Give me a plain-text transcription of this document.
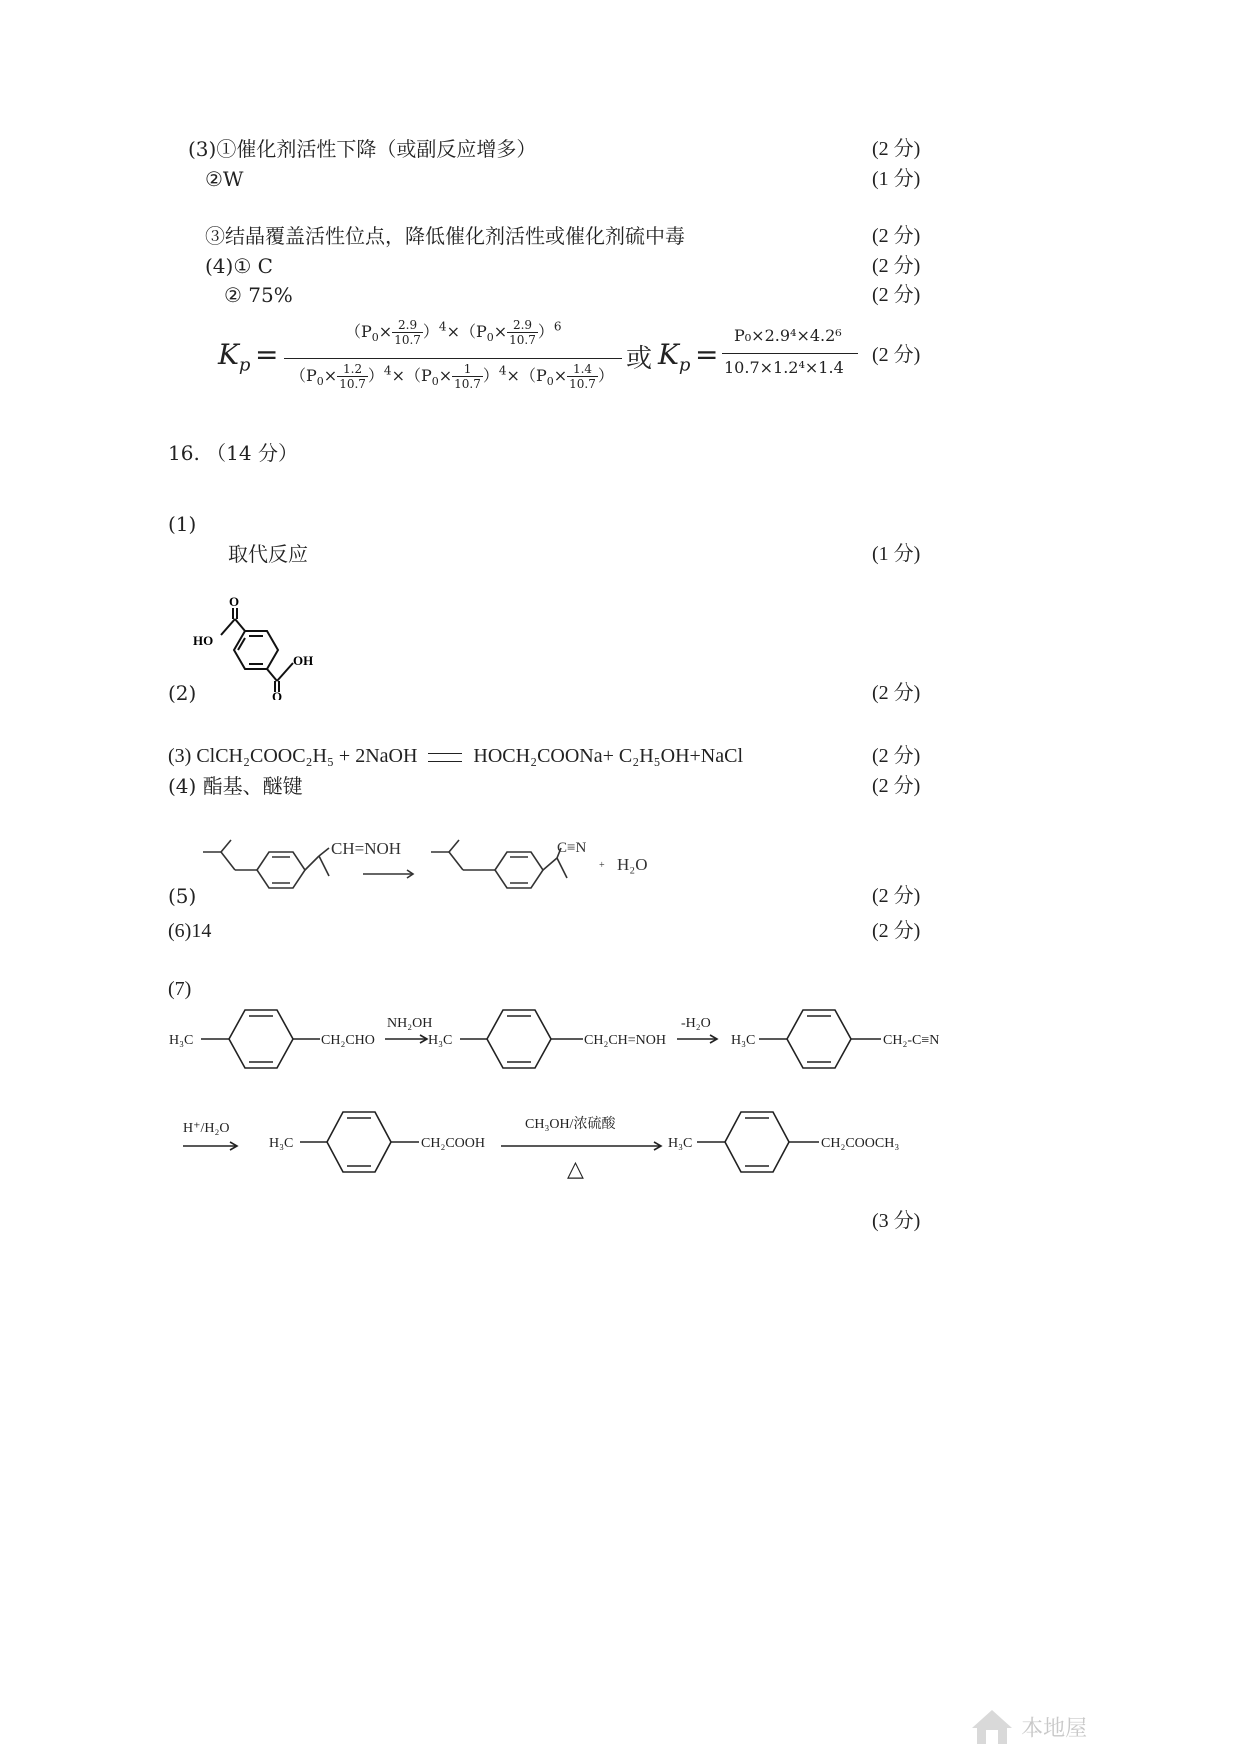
(3)①催化剂活性下降（或副反应增多）	(2 分)
②W	(1 分)
③结晶覆盖活性位点，降低催化剂活性或催化剂硫中毒	(2 分)
(4)① C	(2 分)
② 75%	(2 分)
$K_p$ =
$(P_0\times \frac{2.9}{10.7} )^4\times(P_0\times \frac{2.9}{10.7} )^6$
$(P_0\times \frac{1.2}{10.7} )^4\times(P_0\times \frac{1}{10.7} )^4\times(P_0\times \frac{1.4}{10.7}$ ）
或 $K_p$ =
P₀×2.9⁴×4.2⁶
10.7×1.2⁴×1.4
(2 分)
16. （14 分）
(1)
取代反应	(1 分)
O
HO
OH
O
(2)	(2 分)
(3) ClCH₂COOC₂H₅ + 2NaOH	HOCH₂COONa+ C₂H₅OH+NaCl	(2 分)
(4) 酯基、醚键	(2 分)
CH=NOH	C≡N
+ H₂O
(5)	(2 分)
(6)14	(2 分)
(7)
H₃C	CH₂CHO
NH₂OH
H₃C	CH₂CH=NOH
-H₂O
H₃C	CH₂-C≡N
H⁺/H₂O
H₃C	CH₂COOH
CH₃OH/浓硫酸
△
H₃C	CH₂COOCH₃
(3 分)
本地屋
